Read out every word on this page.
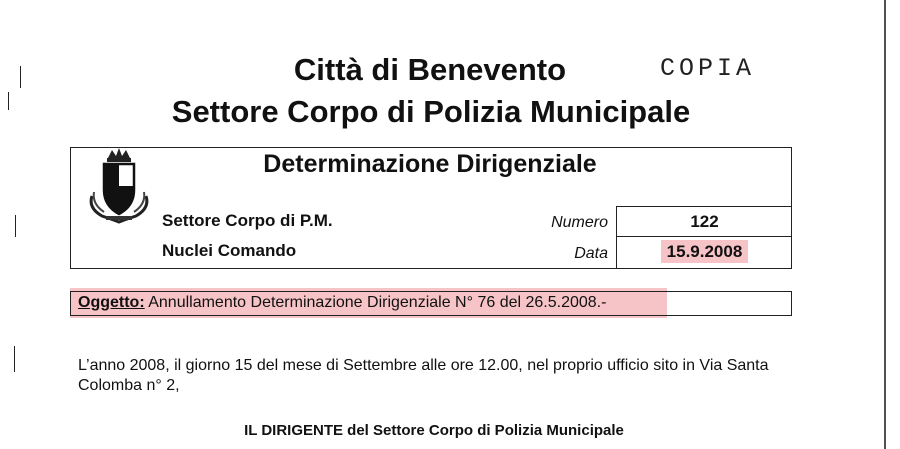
Città di Benevento
Settore Corpo di Polizia Municipale
COPIA
Determinazione Dirigenziale
Settore Corpo di P.M.
Nuclei Comando
Numero
Data
122
15.9.2008
Oggetto: Annullamento Determinazione Dirigenziale N° 76 del 26.5.2008.-
L’anno 2008, il giorno 15 del mese di Settembre alle ore 12.00, nel proprio ufficio sito in Via Santa Colomba n° 2,
IL DIRIGENTE del Settore Corpo di Polizia Municipale
